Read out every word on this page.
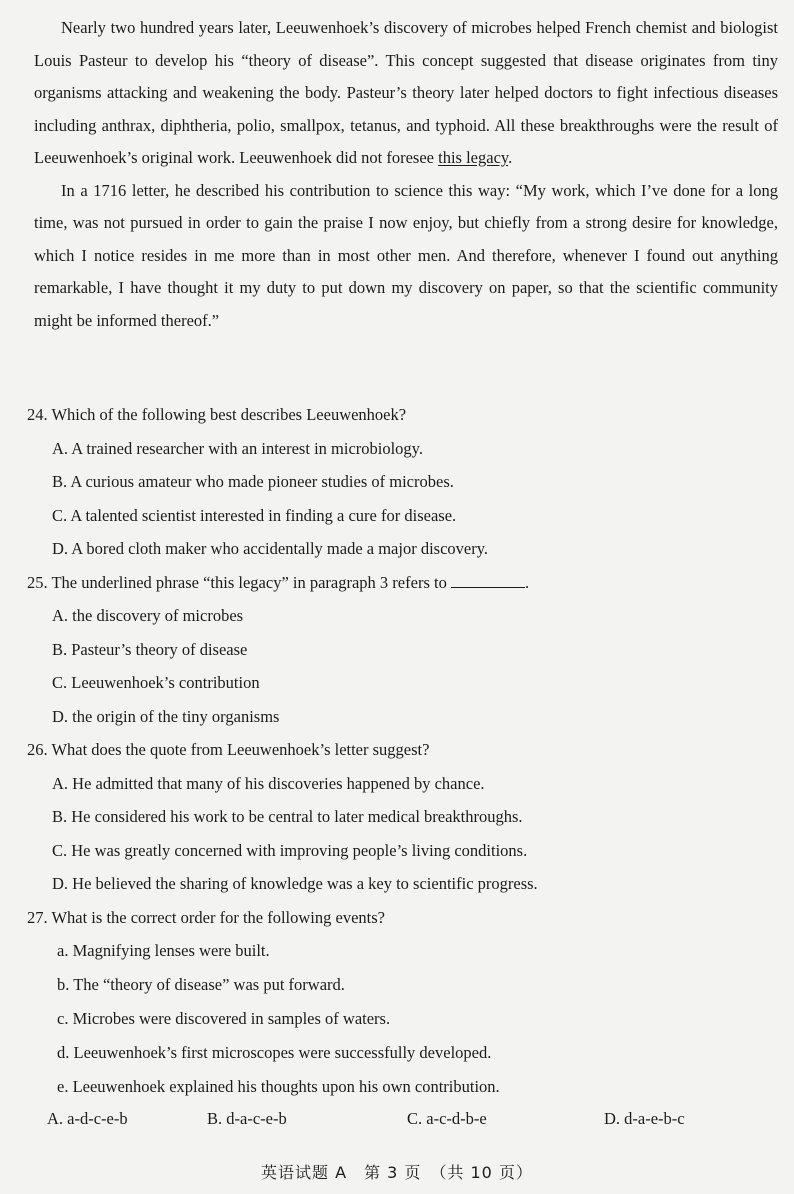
Nearly two hundred years later, Leeuwenhoek’s discovery of microbes helped French chemist and biologist Louis Pasteur to develop his “theory of disease”. This concept suggested that disease originates from tiny organisms attacking and weakening the body. Pasteur’s theory later helped doctors to fight infectious diseases including anthrax, diphtheria, polio, smallpox, tetanus, and typhoid. All these breakthroughs were the result of Leeuwenhoek’s original work. Leeuwenhoek did not foresee this legacy.

In a 1716 letter, he described his contribution to science this way: “My work, which I’ve done for a long time, was not pursued in order to gain the praise I now enjoy, but chiefly from a strong desire for knowledge, which I notice resides in me more than in most other men. And therefore, whenever I found out anything remarkable, I have thought it my duty to put down my discovery on paper, so that the scientific community might be informed thereof.”

24. Which of the following best describes Leeuwenhoek?

A. A trained researcher with an interest in microbiology.

B. A curious amateur who made pioneer studies of microbes.

C. A talented scientist interested in finding a cure for disease.

D. A bored cloth maker who accidentally made a major discovery.

25. The underlined phrase “this legacy” in paragraph 3 refers to	.

A. the discovery of microbes

B. Pasteur’s theory of disease

C. Leeuwenhoek’s contribution

D. the origin of the tiny organisms

26. What does the quote from Leeuwenhoek’s letter suggest?

A. He admitted that many of his discoveries happened by chance.

B. He considered his work to be central to later medical breakthroughs.

C. He was greatly concerned with improving people’s living conditions.

D. He believed the sharing of knowledge was a key to scientific progress.

27. What is the correct order for the following events?

a. Magnifying lenses were built.

b. The “theory of disease” was put forward.

c. Microbes were discovered in samples of waters.

d. Leeuwenhoek’s first microscopes were successfully developed.

e. Leeuwenhoek explained his thoughts upon his own contribution.

A. a-d-c-e-b	B. d-a-c-e-b	C. a-c-d-b-e	D. d-a-e-b-c
英语试题 A　第 3 页　（共 10 页）
